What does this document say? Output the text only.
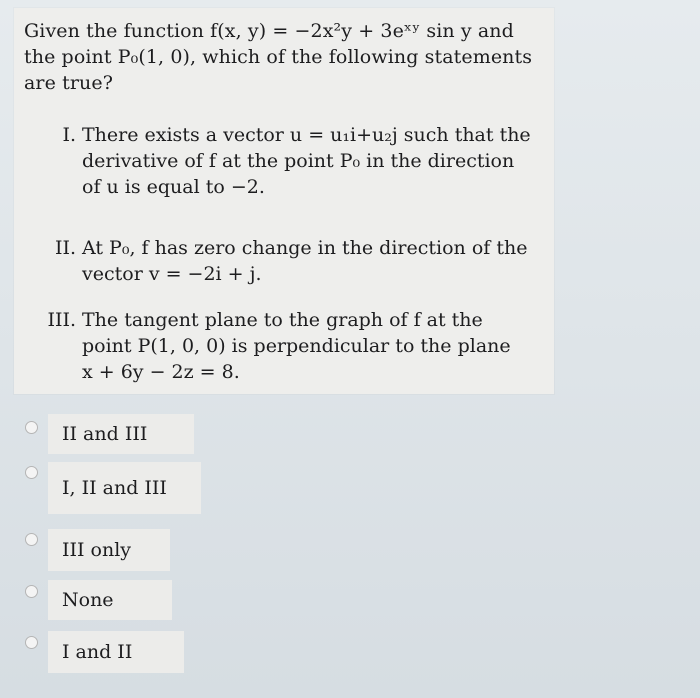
Given the function f(x, y) = −2x²y + 3eˣʸ sin y and
the point P₀(1, 0), which of the following statements
are true?
I. There exists a vector u = u₁i+u₂j such that the
derivative of f at the point P₀ in the direction
of u is equal to −2.
II. At P₀, f has zero change in the direction of the
vector v = −2i + j.
III. The tangent plane to the graph of f at the
point P(1, 0, 0) is perpendicular to the plane
x + 6y − 2z = 8.
II and III
I, II and III
III only
None
I and II
